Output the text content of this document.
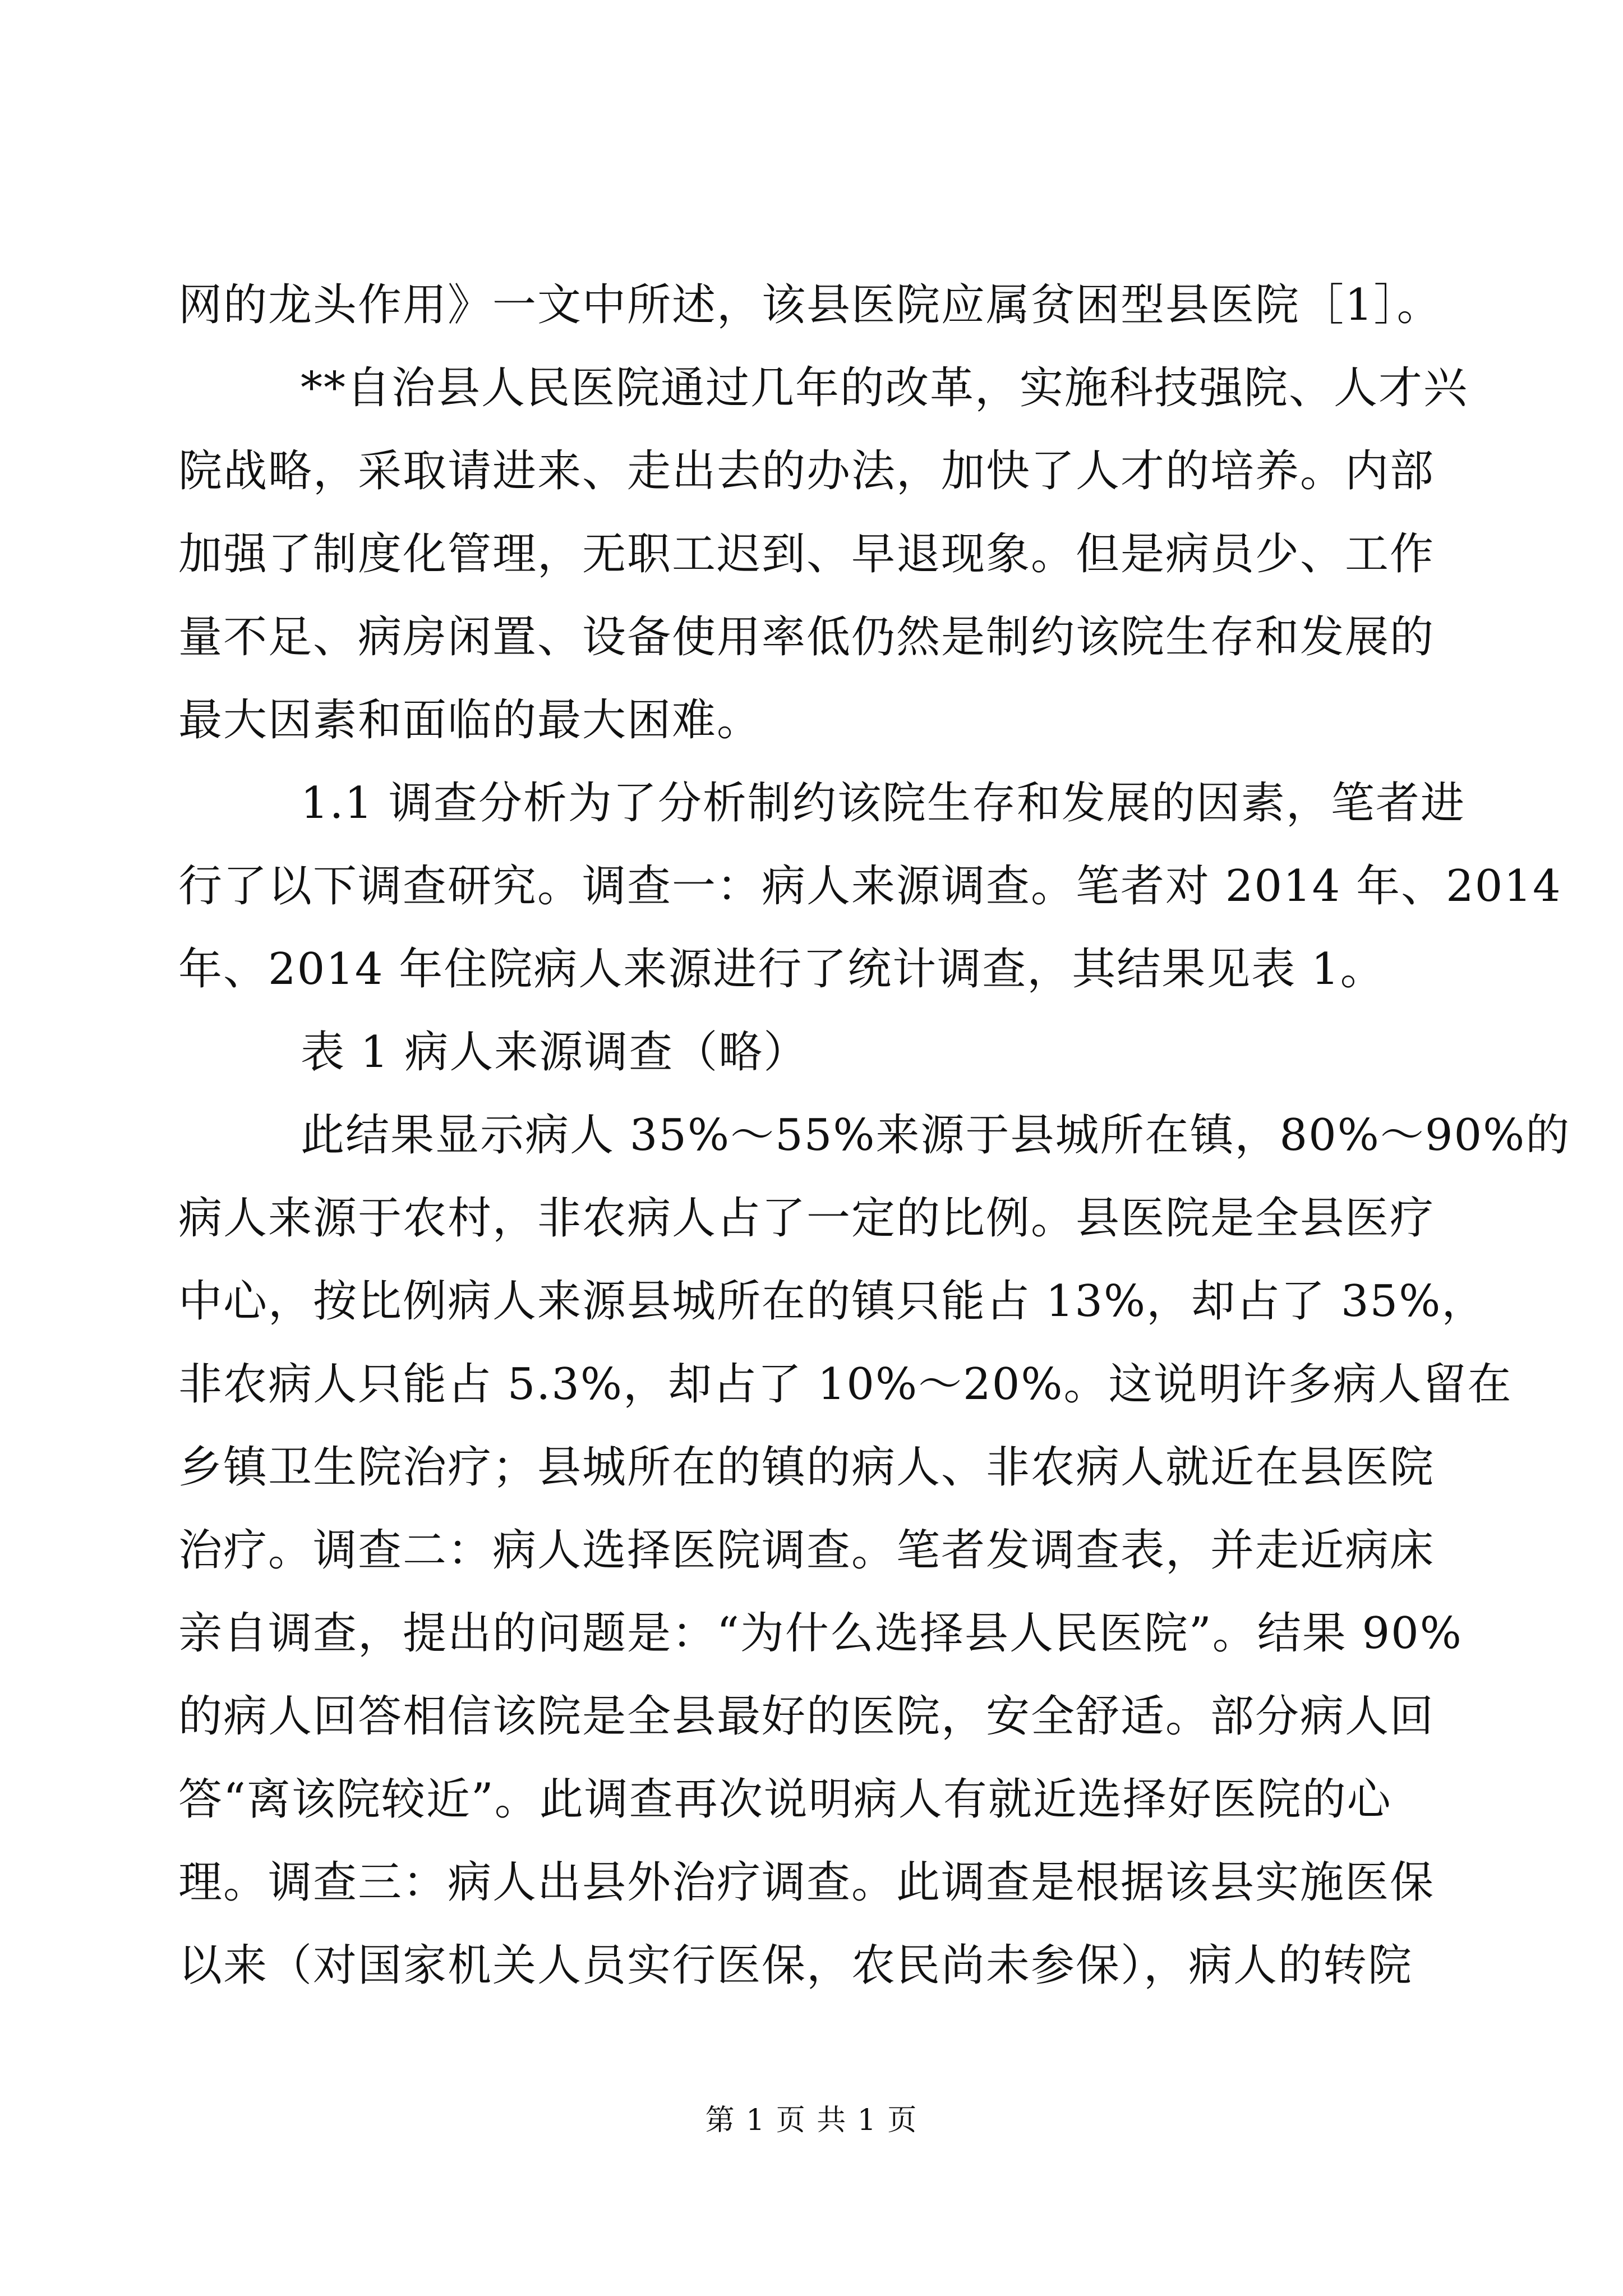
网的龙头作用》一文中所述，该县医院应属贫困型县医院［1］。
**自治县人民医院通过几年的改革，实施科技强院、人才兴
院战略，采取请进来、走出去的办法，加快了人才的培养。内部
加强了制度化管理，无职工迟到、早退现象。但是病员少、工作
量不足、病房闲置、设备使用率低仍然是制约该院生存和发展的
最大因素和面临的最大困难。
1.1 调查分析为了分析制约该院生存和发展的因素，笔者进
行了以下调查研究。调查一：病人来源调查。笔者对 2014 年、2014
年、2014 年住院病人来源进行了统计调查，其结果见表 1。
表 1 病人来源调查（略）
此结果显示病人 35%～55%来源于县城所在镇，80%～90%的
病人来源于农村，非农病人占了一定的比例。县医院是全县医疗
中心，按比例病人来源县城所在的镇只能占 13%，却占了 35%，
非农病人只能占 5.3%，却占了 10%～20%。这说明许多病人留在
乡镇卫生院治疗；县城所在的镇的病人、非农病人就近在县医院
治疗。调查二：病人选择医院调查。笔者发调查表，并走近病床
亲自调查，提出的问题是：“为什么选择县人民医院”。结果 90%
的病人回答相信该院是全县最好的医院，安全舒适。部分病人回
答“离该院较近”。此调查再次说明病人有就近选择好医院的心
理。调查三：病人出县外治疗调查。此调查是根据该县实施医保
以来（对国家机关人员实行医保，农民尚未参保），病人的转院
第 1 页 共 1 页
